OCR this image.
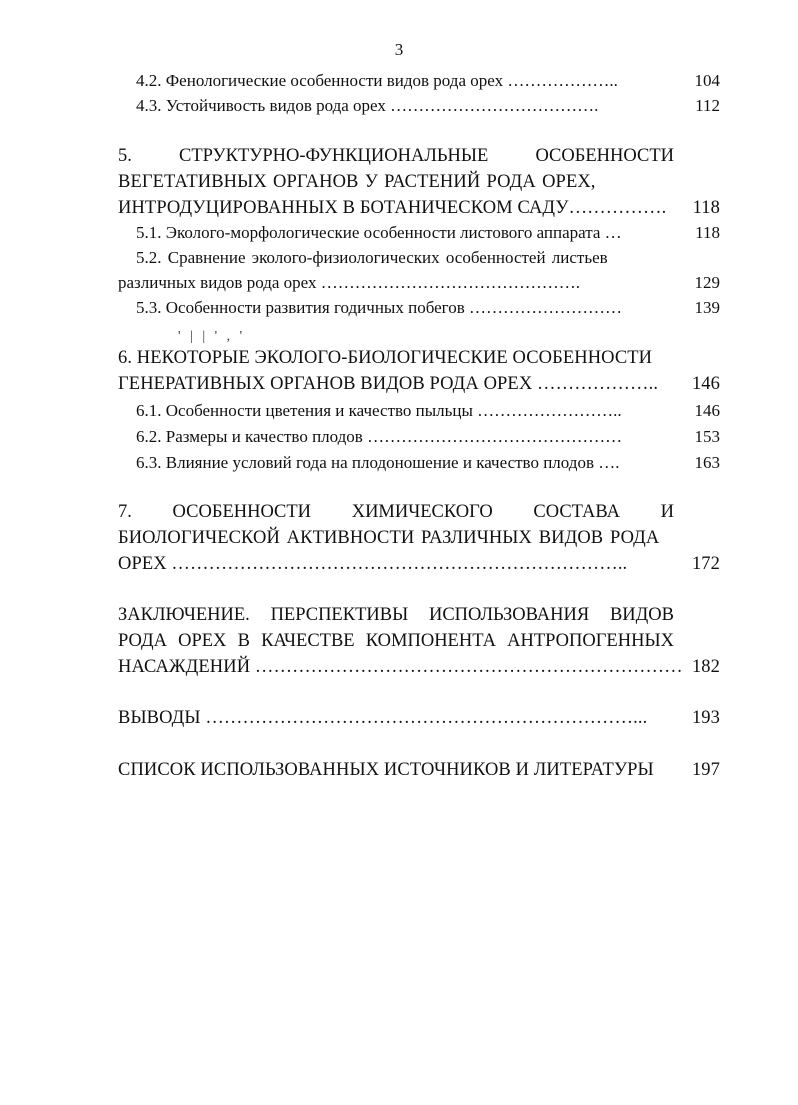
3
4.2. Фенологические особенности видов рода орех ………………..	104
4.3. Устойчивость видов рода орех ……………………………….	112
5.	СТРУКТУРНО-ФУНКЦИОНАЛЬНЫЕ	ОСОБЕННОСТИ
ВЕГЕТАТИВНЫХ ОРГАНОВ У РАСТЕНИЙ РОДА ОРЕХ,
ИНТРОДУЦИРОВАННЫХ В БОТАНИЧЕСКОМ САДУ……………. 118
5.1. Эколого-морфологические особенности листового аппарата …	118
5.2. Сравнение эколого-физиологических особенностей листьев
различных видов рода орех ……………………………………….	129
5.3. Особенности развития годичных побегов ………………………	139
' | | ' , '
6. НЕКОТОРЫЕ ЭКОЛОГО-БИОЛОГИЧЕСКИЕ ОСОБЕННОСТИ
ГЕНЕРАТИВНЫХ ОРГАНОВ ВИДОВ РОДА ОРЕХ ……………….. 146
6.1. Особенности цветения и качество пыльцы ……………………..	146
6.2. Размеры и качество плодов ………………………………………	153
6.3. Влияние условий года на плодоношение и качество плодов ….	163
7. ОСОБЕННОСТИ ХИМИЧЕСКОГО СОСТАВА И
БИОЛОГИЧЕСКОЙ АКТИВНОСТИ РАЗЛИЧНЫХ ВИДОВ РОДА
ОРЕХ ………………………………………………………………..	172
ЗАКЛЮЧЕНИЕ. ПЕРСПЕКТИВЫ ИСПОЛЬЗОВАНИЯ ВИДОВ
РОДА ОРЕХ В КАЧЕСТВЕ КОМПОНЕНТА АНТРОПОГЕННЫХ
НАСАЖДЕНИЙ …………………………………………………………… 182
ВЫВОДЫ ……………………………………………………………... 193
СПИСОК ИСПОЛЬЗОВАННЫХ ИСТОЧНИКОВ И ЛИТЕРАТУРЫ 197
